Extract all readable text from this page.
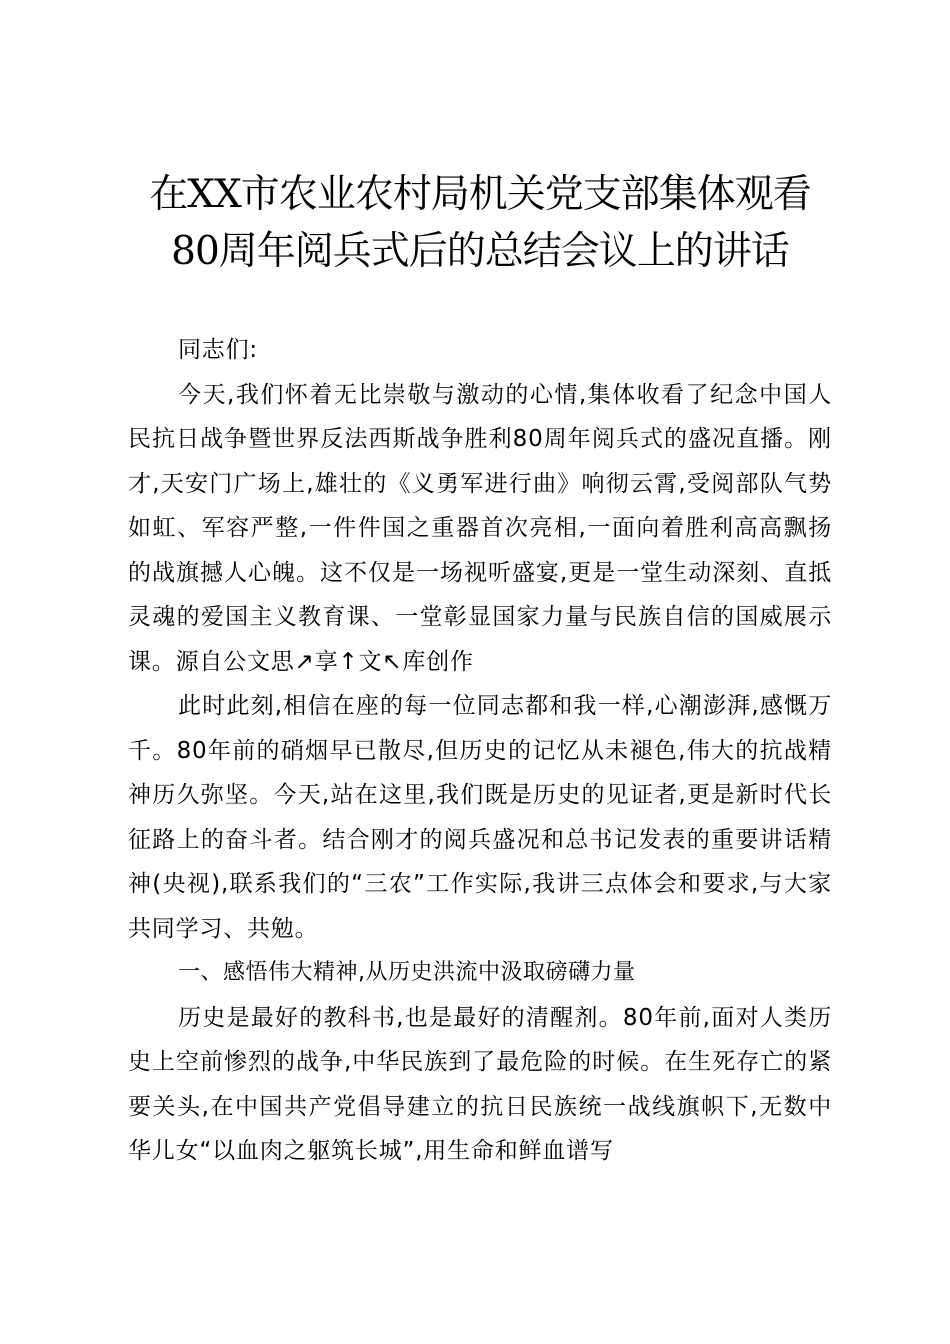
在XX市农业农村局机关党支部集体观看80周年阅兵式后的总结会议上的讲话

同志们:

今天,我们怀着无比崇敬与激动的心情,集体收看了纪念中国人民抗日战争暨世界反法西斯战争胜利80周年阅兵式的盛况直播。刚才,天安门广场上,雄壮的《义勇军进行曲》响彻云霄,受阅部队气势如虹、军容严整,一件件国之重器首次亮相,一面向着胜利高高飘扬的战旗撼人心魄。这不仅是一场视听盛宴,更是一堂生动深刻、直抵灵魂的爱国主义教育课、一堂彰显国家力量与民族自信的国威展示课。源自公文思↗享↑文↖库创作

此时此刻,相信在座的每一位同志都和我一样,心潮澎湃,感慨万千。80年前的硝烟早已散尽,但历史的记忆从未褪色,伟大的抗战精神历久弥坚。今天,站在这里,我们既是历史的见证者,更是新时代长征路上的奋斗者。结合刚才的阅兵盛况和总书记发表的重要讲话精神(央视),联系我们的“三农”工作实际,我讲三点体会和要求,与大家共同学习、共勉。

一、感悟伟大精神,从历史洪流中汲取磅礴力量

历史是最好的教科书,也是最好的清醒剂。80年前,面对人类历史上空前惨烈的战争,中华民族到了最危险的时候。在生死存亡的紧要关头,在中国共产党倡导建立的抗日民族统一战线旗帜下,无数中华儿女“以血肉之躯筑长城”,用生命和鲜血谱写
